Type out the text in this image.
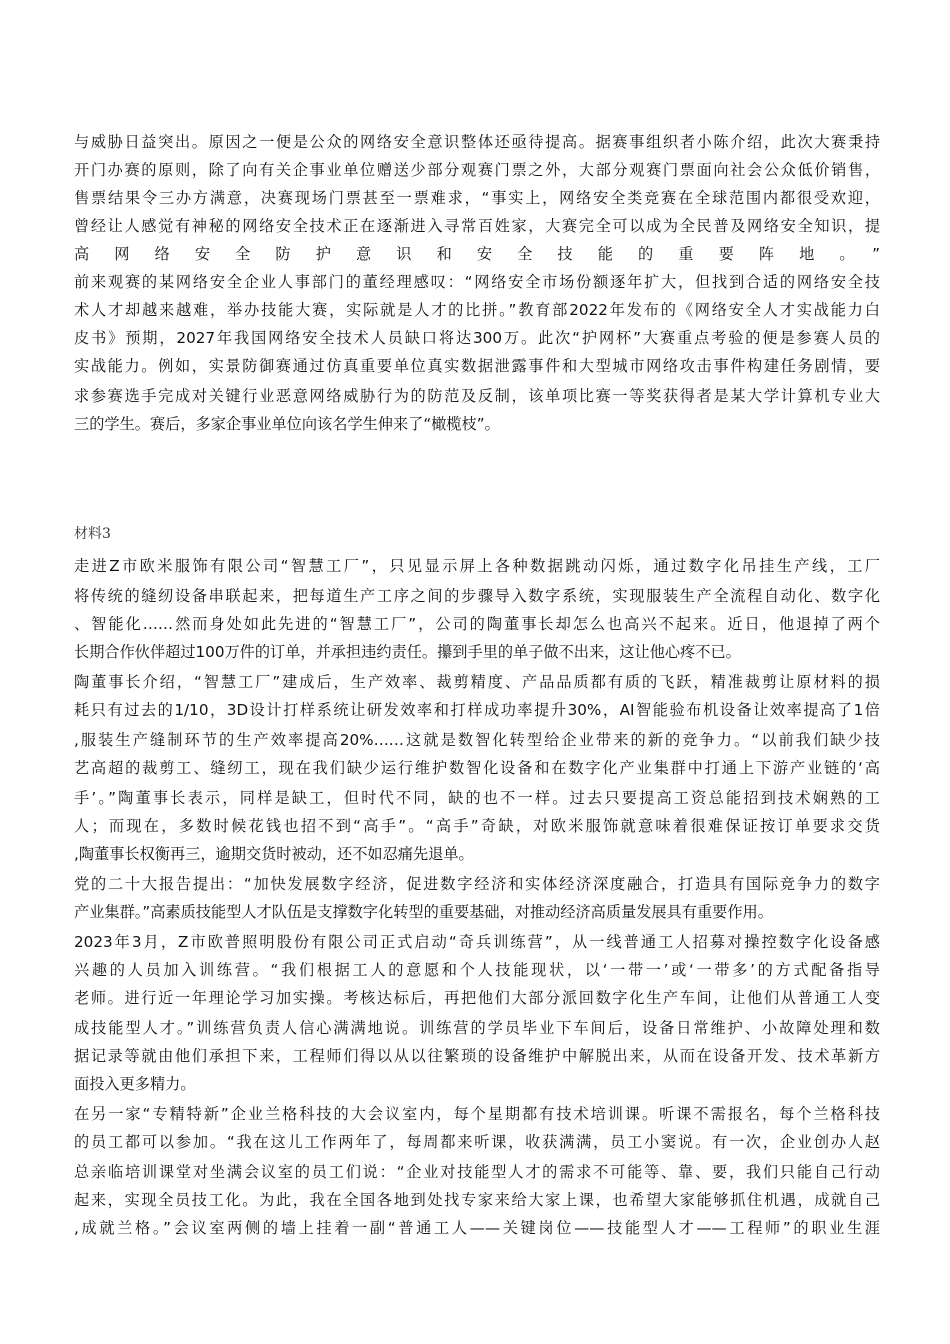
与威胁日益突出。原因之一便是公众的网络安全意识整体还亟待提高。据赛事组织者小陈介绍，此次大赛秉持
开门办赛的原则，除了向有关企事业单位赠送少部分观赛门票之外，大部分观赛门票面向社会公众低价销售，
售票结果令三办方满意，决赛现场门票甚至一票难求，“事实上，网络安全类竞赛在全球范围内都很受欢迎，
曾经让人感觉有神秘的网络安全技术正在逐渐进入寻常百姓家，大赛完全可以成为全民普及网络安全知识，提
高网络安全防护意识和安全技能的重要阵地。”
前来观赛的某网络安全企业人事部门的董经理感叹：“网络安全市场份额逐年扩大，但找到合适的网络安全技
术人才却越来越难，举办技能大赛，实际就是人才的比拼。”教育部2022年发布的《网络安全人才实战能力白
皮书》预期，2027年我国网络安全技术人员缺口将达300万。此次“护网杯”大赛重点考验的便是参赛人员的
实战能力。例如，实景防御赛通过仿真重要单位真实数据泄露事件和大型城市网络攻击事件构建任务剧情，要
求参赛选手完成对关键行业恶意网络威胁行为的防范及反制，该单项比赛一等奖获得者是某大学计算机专业大
三的学生。赛后，多家企事业单位向该名学生伸来了“橄榄枝”。
材料3
走进Z市欧米服饰有限公司“智慧工厂”，只见显示屏上各种数据跳动闪烁，通过数字化吊挂生产线，工厂
将传统的缝纫设备串联起来，把每道生产工序之间的步骤导入数字系统，实现服装生产全流程自动化、数字化
、智能化……然而身处如此先进的“智慧工厂”，公司的陶董事长却怎么也高兴不起来。近日，他退掉了两个
长期合作伙伴超过100万件的订单，并承担违约责任。攥到手里的单子做不出来，这让他心疼不已。
陶董事长介绍，“智慧工厂”建成后，生产效率、裁剪精度、产品品质都有质的飞跃，精准裁剪让原材料的损
耗只有过去的1/10，3D设计打样系统让研发效率和打样成功率提升30%，AI智能验布机设备让效率提高了1倍
,服装生产缝制环节的生产效率提高20%……这就是数智化转型给企业带来的新的竞争力。“以前我们缺少技
艺高超的裁剪工、缝纫工，现在我们缺少运行维护数智化设备和在数字化产业集群中打通上下游产业链的‘高
手’。”陶董事长表示，同样是缺工，但时代不同，缺的也不一样。过去只要提高工资总能招到技术娴熟的工
人；而现在，多数时候花钱也招不到“高手”。“高手”奇缺，对欧米服饰就意味着很难保证按订单要求交货
,陶董事长权衡再三，逾期交货时被动，还不如忍痛先退单。
党的二十大报告提出：“加快发展数字经济，促进数字经济和实体经济深度融合，打造具有国际竞争力的数字
产业集群。”高素质技能型人才队伍是支撑数字化转型的重要基础，对推动经济高质量发展具有重要作用。
2023年3月，Z市欧普照明股份有限公司正式启动“奇兵训练营”，从一线普通工人招募对操控数字化设备感
兴趣的人员加入训练营。“我们根据工人的意愿和个人技能现状，以‘一带一’或‘一带多’的方式配备指导
老师。进行近一年理论学习加实操。考核达标后，再把他们大部分派回数字化生产车间，让他们从普通工人变
成技能型人才。”训练营负责人信心满满地说。训练营的学员毕业下车间后，设备日常维护、小故障处理和数
据记录等就由他们承担下来，工程师们得以从以往繁琐的设备维护中解脱出来，从而在设备开发、技术革新方
面投入更多精力。
在另一家“专精特新”企业兰格科技的大会议室内，每个星期都有技术培训课。听课不需报名，每个兰格科技
的员工都可以参加。“我在这儿工作两年了，每周都来听课，收获满满，员工小窦说。有一次，企业创办人赵
总亲临培训课堂对坐满会议室的员工们说：“企业对技能型人才的需求不可能等、靠、要，我们只能自己行动
起来，实现全员技工化。为此，我在全国各地到处找专家来给大家上课，也希望大家能够抓住机遇，成就自己
,成就兰格。”会议室两侧的墙上挂着一副“普通工人——关键岗位——技能型人才——工程师”的职业生涯
